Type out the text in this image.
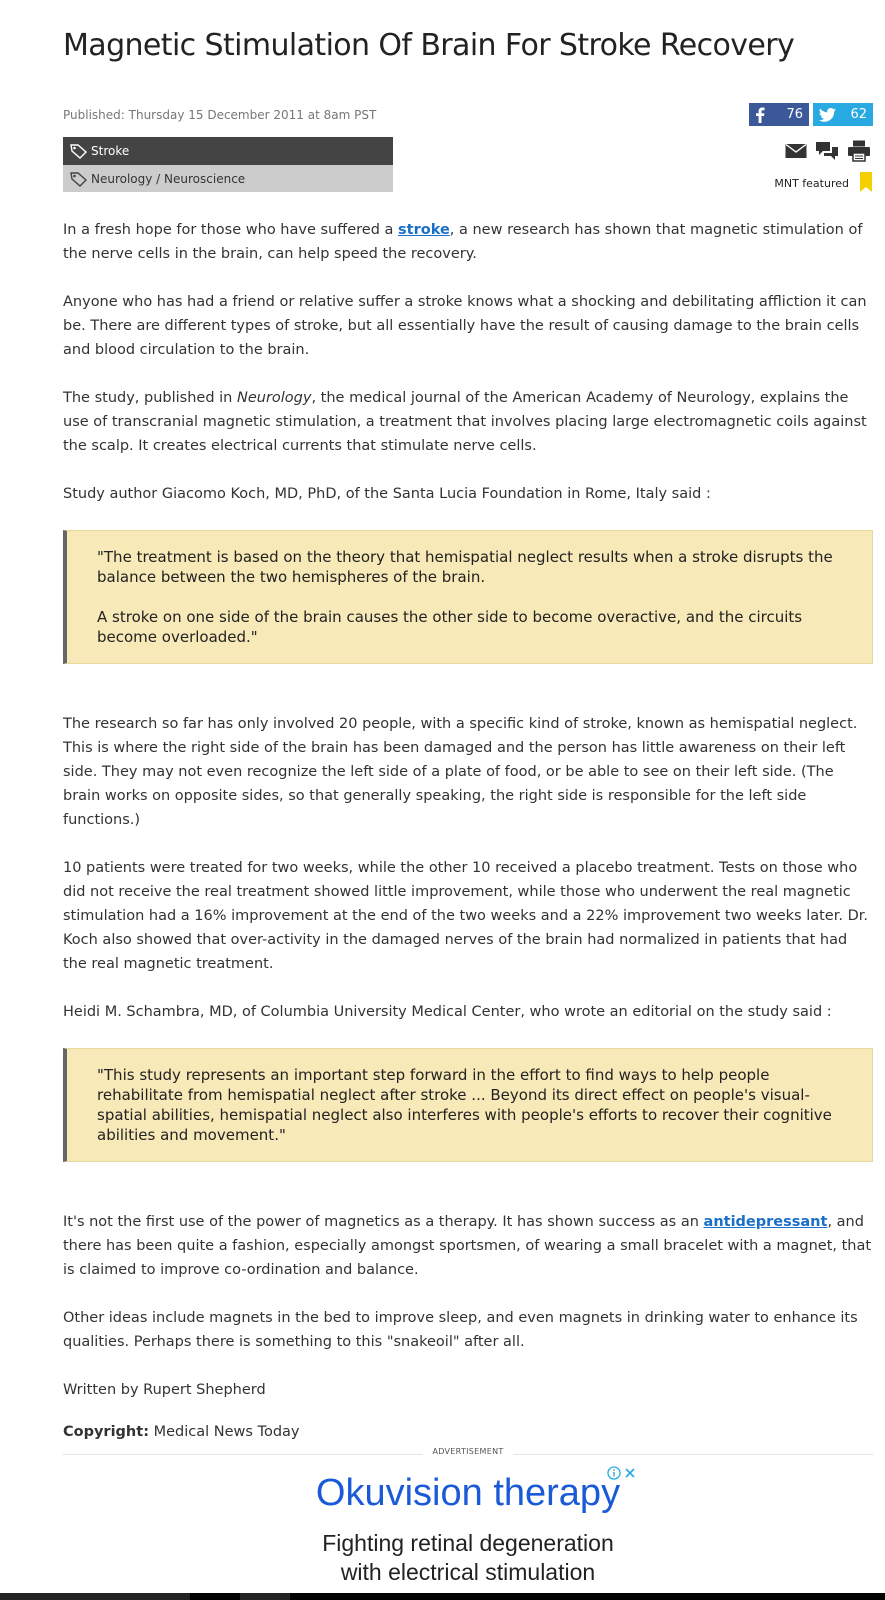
Magnetic Stimulation Of Brain For Stroke Recovery
Published: Thursday 15 December 2011 at 8am PST
Stroke
Neurology / Neuroscience
76	62
MNT featured

In a fresh hope for those who have suffered a stroke, a new research has shown that magnetic stimulation of the nerve cells in the brain, can help speed the recovery.

Anyone who has had a friend or relative suffer a stroke knows what a shocking and debilitating affliction it can be. There are different types of stroke, but all essentially have the result of causing damage to the brain cells and blood circulation to the brain.

The study, published in Neurology, the medical journal of the American Academy of Neurology, explains the use of transcranial magnetic stimulation, a treatment that involves placing large electromagnetic coils against the scalp. It creates electrical currents that stimulate nerve cells.

Study author Giacomo Koch, MD, PhD, of the Santa Lucia Foundation in Rome, Italy said :

"The treatment is based on the theory that hemispatial neglect results when a stroke disrupts the balance between the two hemispheres of the brain.

A stroke on one side of the brain causes the other side to become overactive, and the circuits become overloaded."

The research so far has only involved 20 people, with a specific kind of stroke, known as hemispatial neglect. This is where the right side of the brain has been damaged and the person has little awareness on their left side. They may not even recognize the left side of a plate of food, or be able to see on their left side. (The brain works on opposite sides, so that generally speaking, the right side is responsible for the left side functions.)

10 patients were treated for two weeks, while the other 10 received a placebo treatment. Tests on those who did not receive the real treatment showed little improvement, while those who underwent the real magnetic stimulation had a 16% improvement at the end of the two weeks and a 22% improvement two weeks later. Dr. Koch also showed that over-activity in the damaged nerves of the brain had normalized in patients that had the real magnetic treatment.

Heidi M. Schambra, MD, of Columbia University Medical Center, who wrote an editorial on the study said :

"This study represents an important step forward in the effort to find ways to help people rehabilitate from hemispatial neglect after stroke ... Beyond its direct effect on people's visual-spatial abilities, hemispatial neglect also interferes with people's efforts to recover their cognitive abilities and movement."

It's not the first use of the power of magnetics as a therapy. It has shown success as an antidepressant, and there has been quite a fashion, especially amongst sportsmen, of wearing a small bracelet with a magnet, that is claimed to improve co-ordination and balance.

Other ideas include magnets in the bed to improve sleep, and even magnets in drinking water to enhance its qualities. Perhaps there is something to this "snakeoil" after all.

Written by Rupert Shepherd

Copyright: Medical News Today

ADVERTISEMENT
Okuvision therapy
Fighting retinal degeneration
with electrical stimulation
